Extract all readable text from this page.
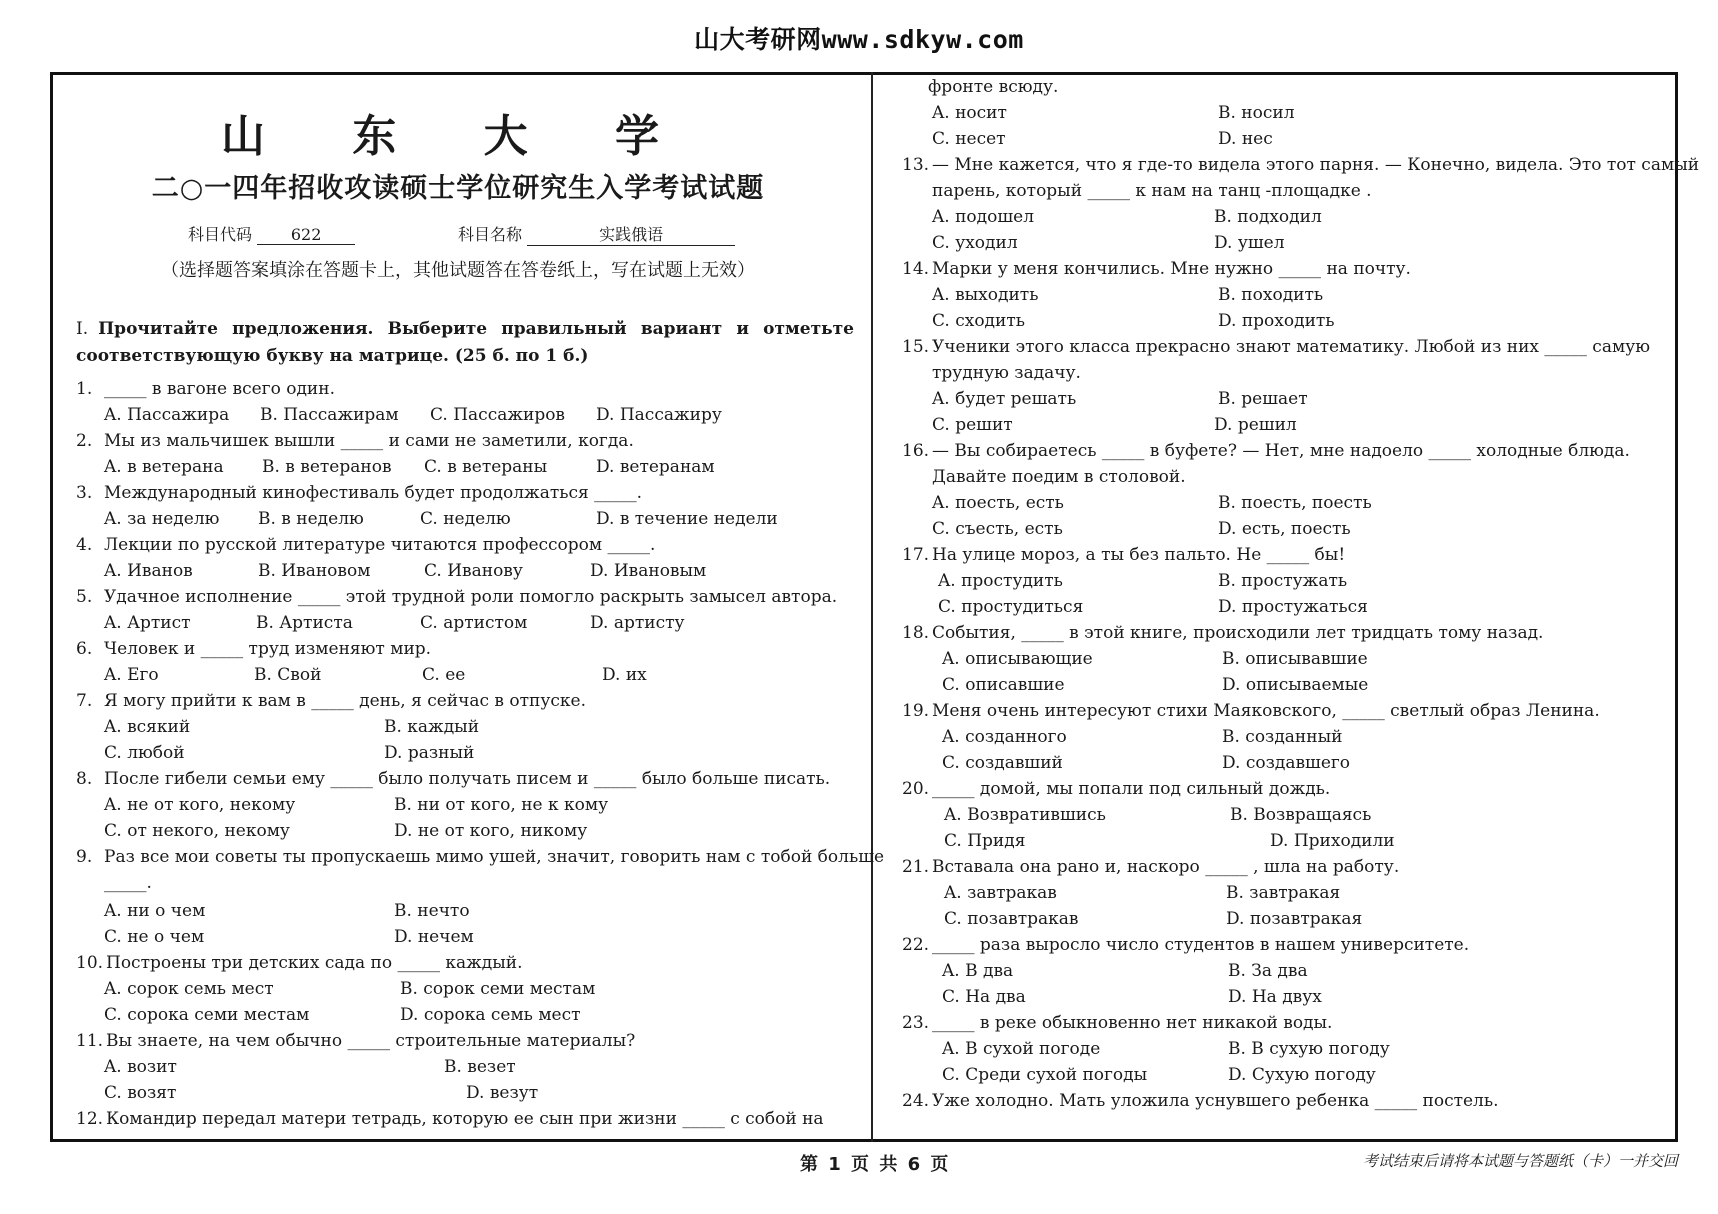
山大考研网www.sdkyw.com
山 东 大 学
二○一四年招收攻读硕士学位研究生入学考试试题
科目代码 622	科目名称	实践俄语
（选择题答案填涂在答题卡上，其他试题答在答卷纸上，写在试题上无效）
I. Прочитайте предложения. Выберите правильный вариант и отметьте соответствующую букву на матрице. (25 б. по 1 б.)
1. _____ в вагоне всего один.
A. Пассажира B. Пассажирам C. Пассажиров D. Пассажиру
2. Мы из мальчишек вышли _____ и сами не заметили, когда.
A. в ветерана B. в ветеранов C. в ветераны	D. ветеранам
3. Международный кинофестиваль будет продолжаться _____.
A. за неделю B. в неделю	C. неделю	D. в течение недели
4. Лекции по русской литературе читаются профессором _____.
A. Иванов	B. Ивановом	C. Иванову	D. Ивановым
5. Удачное исполнение _____ этой трудной роли помогло раскрыть замысел автора.
A. Артист	B. Артиста	C. артистом	D. артисту
6. Человек и _____ труд изменяют мир.
A. Его	B. Свой	C. ее	D. их
7. Я могу прийти к вам в _____ день, я сейчас в отпуске.
A. всякий	B. каждый
C. любой	D. разный
8. После гибели семьи ему _____ было получать писем и _____ было больше писать.
A. не от кого, некому	B. ни от кого, не к кому
C. от некого, некому	D. не от кого, никому
9. Раз все мои советы ты пропускаешь мимо ушей, значит, говорить нам с тобой больше
_____.
A. ни о чем	B. нечто
C. не о чем	D. нечем
10. Построены три детских сада по _____ каждый.
A. сорок семь мест	B. сорок семи местам
C. сорока семи местам	D. сорока семь мест
11. Вы знаете, на чем обычно _____ строительные материалы?
A. возит	B. везет
C. возят	D. везут
12. Командир передал матери тетрадь, которую ее сын при жизни _____ с собой на
фронте всюду.
A. носит	B. носил
C. несет	D. нес
13. — Мне кажется, что я где-то видела этого парня. — Конечно, видела. Это тот самый
парень, который _____ к нам на танц -площадке .
A. подошел	B. подходил
C. уходил	D. ушел
14. Марки у меня кончились. Мне нужно _____ на почту.
A. выходить	B. походить
C. сходить	D. проходить
15. Ученики этого класса прекрасно знают математику. Любой из них _____ самую
трудную задачу.
A. будет решать	B. решает
C. решит	D. решил
16. — Вы собираетесь _____ в буфете? — Нет, мне надоело _____ холодные блюда.
Давайте поедим в столовой.
A. поесть, есть	B. поесть, поесть
C. съесть, есть	D. есть, поесть
17. На улице мороз, а ты без пальто. Не _____ бы!
A. простудить	B. простужать
C. простудиться	D. простужаться
18. События, _____ в этой книге, происходили лет тридцать тому назад.
A. описывающие	B. описывавшие
C. описавшие	D. описываемые
19. Меня очень интересуют стихи Маяковского, _____ светлый образ Ленина.
A. созданного	B. созданный
C. создавший	D. создавшего
20. _____ домой, мы попали под сильный дождь.
A. Возвратившись	B. Возвращаясь
C. Придя	D. Приходили
21. Вставала она рано и, наскоро _____ , шла на работу.
A. завтракав	B. завтракая
C. позавтракав	D. позавтракая
22. _____ раза выросло число студентов в нашем университете.
A. В два	B. За два
C. На два	D. На двух
23. _____ в реке обыкновенно нет никакой воды.
A. В сухой погоде	B. В сухую погоду
C. Среди сухой погоды	D. Сухую погоду
24. Уже холодно. Мать уложила уснувшего ребенка _____ постель.
第 1 页 共 6 页	考试结束后请将本试题与答题纸（卡）一并交回
